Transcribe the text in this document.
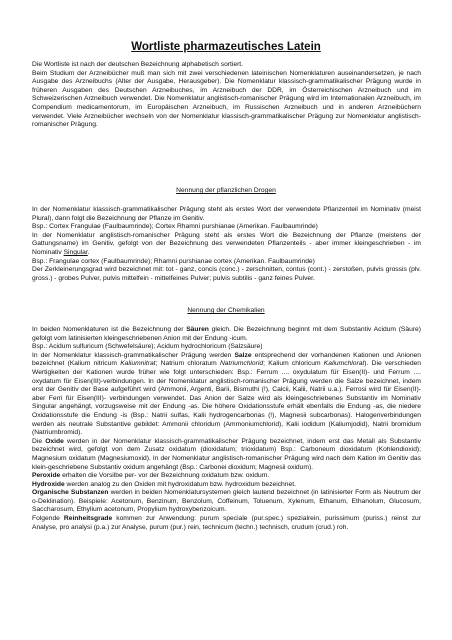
Wortliste pharmazeutisches Latein

Die Wortliste ist nach der deutschen Bezeichnung alphabetisch sortiert.

Beim Studium der Arzneibücher muß man sich mit zwei verschiedenen lateinischen Nomenklaturen auseinandersetzen, je nach Ausgabe des Arzneibuchs (Alter der Ausgabe, Herausgeber). Die Nomenklatur klassisch-grammatikalischer Prägung wurde in früheren Ausgaben des Deutschen Arzneibuches, im Arzneibuch der DDR, im Österreichischen Arzneibuch und im Schweizerischen Arzneibuch verwendet. Die Nomenklatur anglistisch-romanischer Prägung wird im Internationalen Arzneibuch, im Compendium medicamentorum, im Europäischen Arzneibuch, im Russischen Arzneibuch und in anderen Arzneibüchern verwendet. Viele Arzneibücher wechseln von der Nomenklatur klassisch-grammatikalischer Prägung zur Nomenklatur anglistisch-romanischer Prägung.

Nennung der pflanzlichen Drogen

In der Nomenklatur klassisch-grammatikalischer Prägung steht als erstes Wort der verwendete Pflanzenteil im Nominativ (meist Plural), dann folgt die Bezeichnung der Pflanze im Genitiv.

Bsp.: Cortex Frangulae (Faulbaumrinde); Cortex Rhamni purshianae (Amerikan. Faulbaumrinde)

In der Nomenklatur anglistisch-romanischer Prägung steht als erstes Wort die Bezeichnung der Pflanze (meistens der Gattungsname) im Genitiv, gefolgt von der Bezeichnung des verwendeten Pflanzenteils - aber immer kleingeschrieben - im Nominativ Singular.

Bsp.: Frangulae cortex (Faulbaumrinde); Rhamni purshianae cortex (Amerikan. Faulbaumrinde)

Der Zerkleinerungsgrad wird bezeichnet mit: tot - ganz, concis (conc.) - zerschnitten, contus (cont.) - zerstoßen, pulvis grossis (plv. gross.) - grobes Pulver, pulvis mittelfein - mittelfeines Pulver; pulvis subtilis - ganz feines Pulver.

Nennung der Chemikalien

In beiden Nomenklaturen ist die Bezeichnung der Säuren gleich. Die Bezeichnung beginnt mit dem Substantiv Acidum (Säure) gefolgt vom latinisierten kleingeschriebenen Anion mit der Endung -icum.

Bsp.: Acidum sulfuricum (Schwefelsäure); Acidum hydrochloricum (Salzsäure)

In der Nomenklatur klassisch-grammatikalischer Prägung werden Salze entsprechend der vorhandenen Kationen und Anionen bezeichnet (Kalium nitricum Kaliumnitrat; Natrium chloratum Natriumchlorid; Kalium chloricum Kaliumchlorat). Die verschieden Wertigkeiten der Kationen wurde früher wie folgt unterschieden: Bsp.: Ferrum .... oxydulatum für Eisen(II)- und Ferrum .... oxydatum für Eisen(III)-verbindungen. In der Nomenklatur anglistisch-romanischer Prägung werden die Salze bezeichnet, indem erst der Genitiv der Base aufgeführt wird (Ammonii, Argenti, Barii, Bismuthi (!), Calcii, Kalii, Natrii u.a.). Ferrosi wird für Eisen(II)- aber Ferri für Eisen(III)- verbindungen verwendet. Das Anion der Salze wird als kleingeschriebenes Substantiv im Nominativ Singular angehängt, vorzugsweise mit der Endung -as. Die höhere Oxidationsstufe erhält ebenfalls die Endung -as, die niedere Oxidationsstufe die Endung -is (Bsp.: Natrii sulfas, Kalii hydrogencarbonas (!), Magnesii subcarbonas). Halogenverbindungen werden als neutrale Substantive gebildet: Ammonii chloridum (Ammoniumchlorid), Kalii iodidum (Kaliumjodid), Natrii bromidum (Natriumbromid).

Die Oxide werden in der Nomenklatur klassisch-grammatikalischer Prägung bezeichnet, indem erst das Metall als Substantiv bezeichnet wird, gefolgt von dem Zusatz oxidatum (dioxidatum; trioxidatum) Bsp.: Carboneum dioxidatum (Kohlendioxid); Magnesium oxidatum (Magnesiumoxid). In der Nomenklatur anglistisch-romanischer Prägung wird nach dem Kation im Genitiv das klein-geschriebene Substantiv oxidum angehängt (Bsp.: Carbonei dioxidum; Magnesii oxidum).

Peroxide erhalten die Vorsilbe per- vor der Bezeichnung oxidatum bzw. oxidum.

Hydroxide werden analog zu den Oxiden mit hydroxidatum bzw. hydroxidum bezeichnet.

Organische Substanzen werden in beiden Nomenklatursystemen gleich lautend bezeichnet (in latinisierter Form als Neutrum der o-Deklination). Beispiele: Acetonum, Benzinum, Benzolum, Coffeinum, Toluenum, Xylenum, Ethanum, Ethanolum, Glucosum, Saccharosum, Ethylium acetonum, Propylium hydroxybenzoicum.

Folgende Reinheitsgrade kommen zur Anwendung: purum speciale (pur.spec.) spezialrein, purissimum (puriss.) reinst zur Analyse, pro analysi (p.a.) zur Analyse, purum (pur.) rein, technicum (techn.) technisch, crudum (crud.) roh.
